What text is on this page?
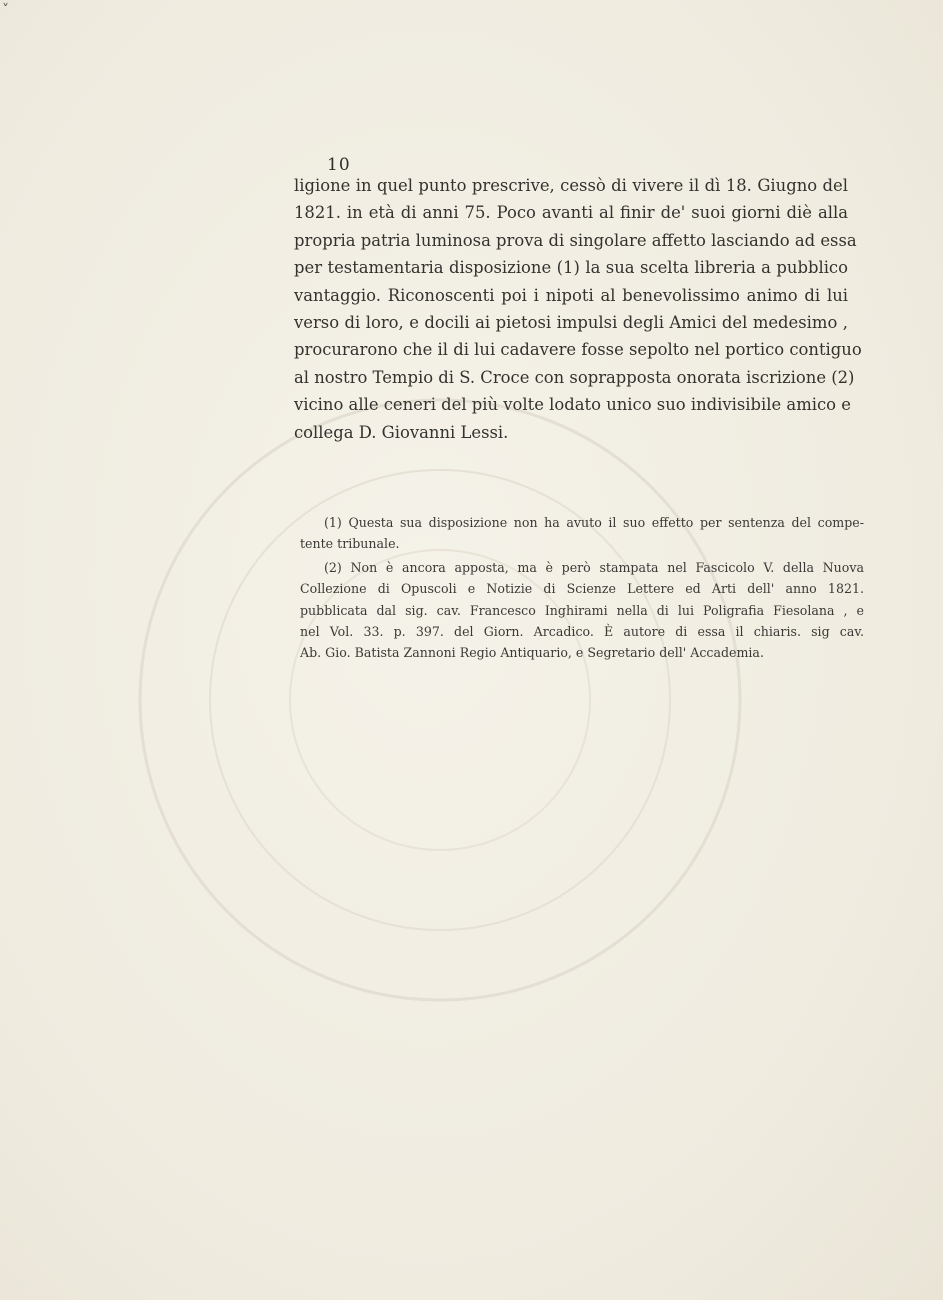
˅
10
ligione in quel punto prescrive, cessò di vivere il dì 18. Giugno del
1821. in età di anni 75. Poco avanti al finir de' suoi giorni diè alla
propria patria luminosa prova di singolare affetto lasciando ad essa
per testamentaria disposizione (1) la sua scelta libreria a pubblico
vantaggio. Riconoscenti poi i nipoti al benevolissimo animo di lui
verso di loro, e docili ai pietosi impulsi degli Amici del medesimo ,
procurarono che il di lui cadavere fosse sepolto nel portico contiguo
al nostro Tempio di S. Croce con soprapposta onorata iscrizione (2)
vicino alle ceneri del più volte lodato unico suo indivisibile amico e
collega D. Giovanni Lessi.
(1) Questa sua disposizione non ha avuto il suo effetto per sentenza del compe-
tente tribunale.
(2) Non è ancora apposta, ma è però stampata nel Fascicolo V. della Nuova
Collezione di Opuscoli e Notizie di Scienze Lettere ed Arti dell' anno 1821.
pubblicata dal sig. cav. Francesco Inghirami nella di lui Poligrafia Fiesolana , e
nel Vol. 33. p. 397. del Giorn. Arcadico. È autore di essa il chiaris. sig cav.
Ab. Gio. Batista Zannoni Regio Antiquario, e Segretario dell' Accademia.
